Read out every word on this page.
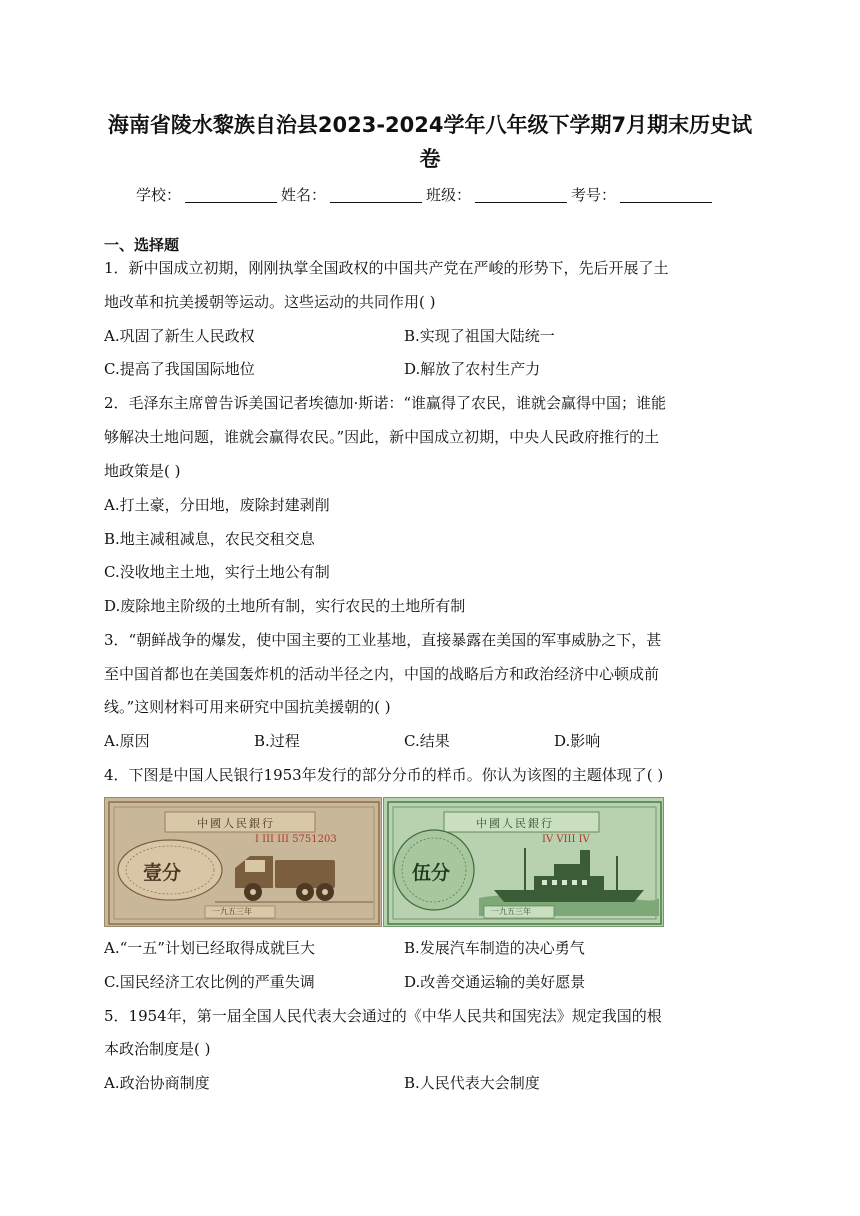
海南省陵水黎族自治县2023-2024学年八年级下学期7月期末历史试
卷
学校：	姓名：	班级：	考号：
一、选择题
1．新中国成立初期，刚刚执掌全国政权的中国共产党在严峻的形势下，先后开展了土
地改革和抗美援朝等运动。这些运动的共同作用( )
A.巩固了新生人民政权	B.实现了祖国大陆统一
C.提高了我国国际地位	D.解放了农村生产力
2．毛泽东主席曾告诉美国记者埃德加·斯诺：“谁赢得了农民，谁就会赢得中国；谁能
够解决土地问题，谁就会赢得农民。”因此，新中国成立初期，中央人民政府推行的土
地政策是( )
A.打土豪，分田地，废除封建剥削
B.地主减租减息，农民交租交息
C.没收地主土地，实行土地公有制
D.废除地主阶级的土地所有制，实行农民的土地所有制
3．“朝鲜战争的爆发，使中国主要的工业基地，直接暴露在美国的军事威胁之下，甚
至中国首都也在美国轰炸机的活动半径之内，中国的战略后方和政治经济中心顿成前
线。”这则材料可用来研究中国抗美援朝的( )
A.原因	B.过程	C.结果	D.影响
4．下图是中国人民银行1953年发行的部分分币的样币。你认为该图的主题体现了( )
中國人民銀行
I III III 5751203
壹分
一九五三年
中國人民銀行
IV VIII IV
伍分
一九五三年
A.“一五”计划已经取得成就巨大	B.发展汽车制造的决心勇气
C.国民经济工农比例的严重失调	D.改善交通运输的美好愿景
5．1954年，第一届全国人民代表大会通过的《中华人民共和国宪法》规定我国的根
本政治制度是( )
A.政治协商制度	B.人民代表大会制度
